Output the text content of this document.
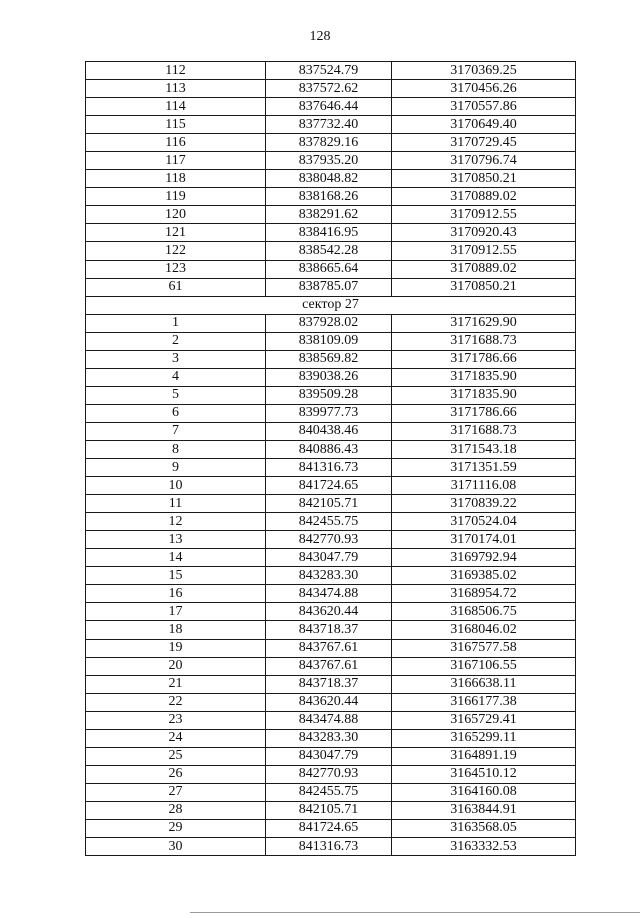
128
112	837524.79	3170369.25
113	837572.62	3170456.26
114	837646.44	3170557.86
115	837732.40	3170649.40
116	837829.16	3170729.45
117	837935.20	3170796.74
118	838048.82	3170850.21
119	838168.26	3170889.02
120	838291.62	3170912.55
121	838416.95	3170920.43
122	838542.28	3170912.55
123	838665.64	3170889.02
61	838785.07	3170850.21
сектор 27		
1	837928.02	3171629.90
2	838109.09	3171688.73
3	838569.82	3171786.66
4	839038.26	3171835.90
5	839509.28	3171835.90
6	839977.73	3171786.66
7	840438.46	3171688.73
8	840886.43	3171543.18
9	841316.73	3171351.59
10	841724.65	3171116.08
11	842105.71	3170839.22
12	842455.75	3170524.04
13	842770.93	3170174.01
14	843047.79	3169792.94
15	843283.30	3169385.02
16	843474.88	3168954.72
17	843620.44	3168506.75
18	843718.37	3168046.02
19	843767.61	3167577.58
20	843767.61	3167106.55
21	843718.37	3166638.11
22	843620.44	3166177.38
23	843474.88	3165729.41
24	843283.30	3165299.11
25	843047.79	3164891.19
26	842770.93	3164510.12
27	842455.75	3164160.08
28	842105.71	3163844.91
29	841724.65	3163568.05
30	841316.73	3163332.53
